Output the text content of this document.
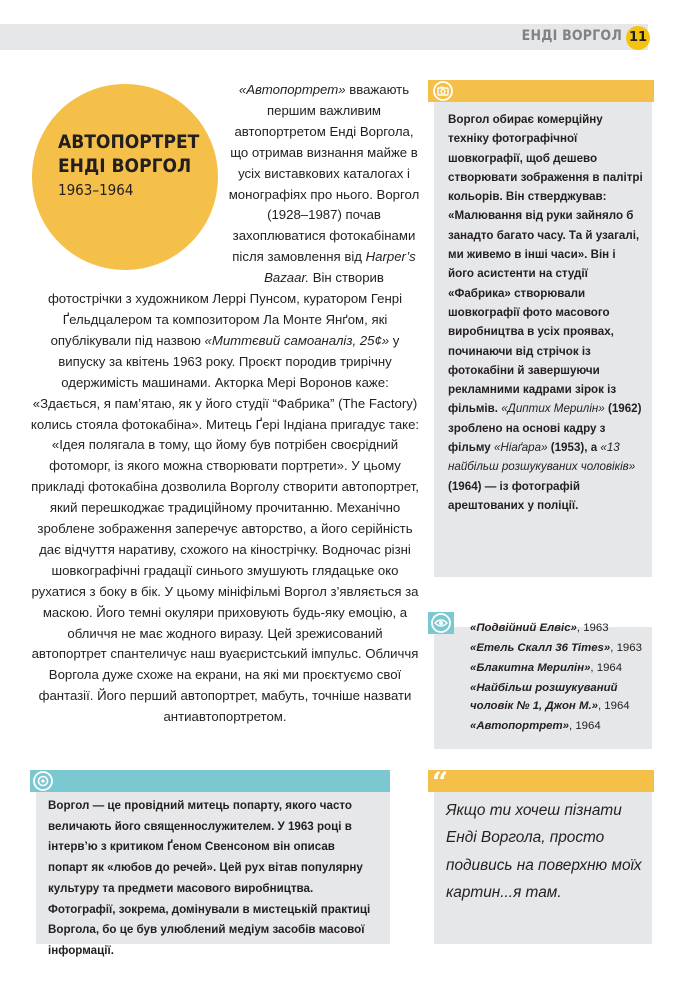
ЕНДІ ВОРГОЛ 11
АВТОПОРТРЕТ
ЕНДІ ВОРГОЛ
1963–1964

«Автопортрет» вважають першим важливим автопортретом Енді Воргола, що отримав визнання майже в усіх виставкових каталогах і монографіях про нього. Воргол (1928–1987) почав захоплюватися фотокабінами після замовлення від Harper’s Bazaar. Він створив фотострічки з художником Леррі Пунсом, куратором Генрі Ґельдцалером та композитором Ла Монте Янґом, які опублікували під назвою «Миттєвий самоаналіз, 25¢» у випуску за квітень 1963 року. Проєкт породив трирічну одержимість машинами. Акторка Мері Воронов каже: «Здається, я пам’ятаю, як у його студії “Фабрика” (The Factory) колись стояла фотокабіна». Митець Ґері Індіана пригадує таке: «Ідея полягала в тому, що йому був потрібен своєрідний фотоморг, із якого можна створювати портрети». У цьому прикладі фотокабіна дозволила Ворголу створити автопортрет, який перешкоджає традиційному прочитанню. Механічно зроблене зображення заперечує авторство, а його серійність дає відчуття наративу, схожого на кінострічку. Водночас різні шовкографічні градації синього змушують глядацьке око рухатися з боку в бік. У цьому мініфільмі Воргол з’являється за маскою. Його темні окуляри приховують будь-яку емоцію, а обличчя не має жодного виразу. Цей зрежисований автопортрет спантеличує наш вуаєристський імпульс. Обличчя Воргола дуже схоже на екрани, на які ми проєктуємо свої фантазії. Йогo перший автопортрет, мабуть, точніше назвати антиавтопортретом.

Воргол обирає комерційну техніку фотографічної шовкографії, щоб дешево створювати зображення в палітрі кольорів. Він стверджував: «Малювання від руки зайняло б занадто багато часу. Та й узагалі, ми живемо в інші часи». Він і його асистенти на студії «Фабрика» створювали шовкографії фото масового виробництва в усіх проявах, починаючи від стрічок із фотокабіни й завершуючи рекламними кадрами зірок із фільмів. «Диптих Мерилін» (1962) зроблено на основі кадру з фільму «Ніаґара» (1953), а «13 найбільш розшукуваних чоловіків» (1964) — із фотографій арештованих у поліції.
«Подвійний Елвіс», 1963
«Етель Скалл 36 Times», 1963
«Блакитна Мерилін», 1964
«Найбільш розшукуваний чоловік № 1, Джон М.», 1964
«Автопортрет», 1964
Воргол — це провідний митець попарту, якого часто величають його священнослужителем. У 1963 році в інтерв’ю з критиком Ґеном Свенсоном він описав попарт як «любов до речей». Цей рух вітав популярну культуру та предмети масового виробництва. Фотографії, зокрема, домінували в мистецькій практиці Воргола, бо це був улюблений медіум засобів масової інформації.
“
Якщо ти хочеш пізнати Енді Воргола, просто подивись на поверхню моїх картин...я там.
